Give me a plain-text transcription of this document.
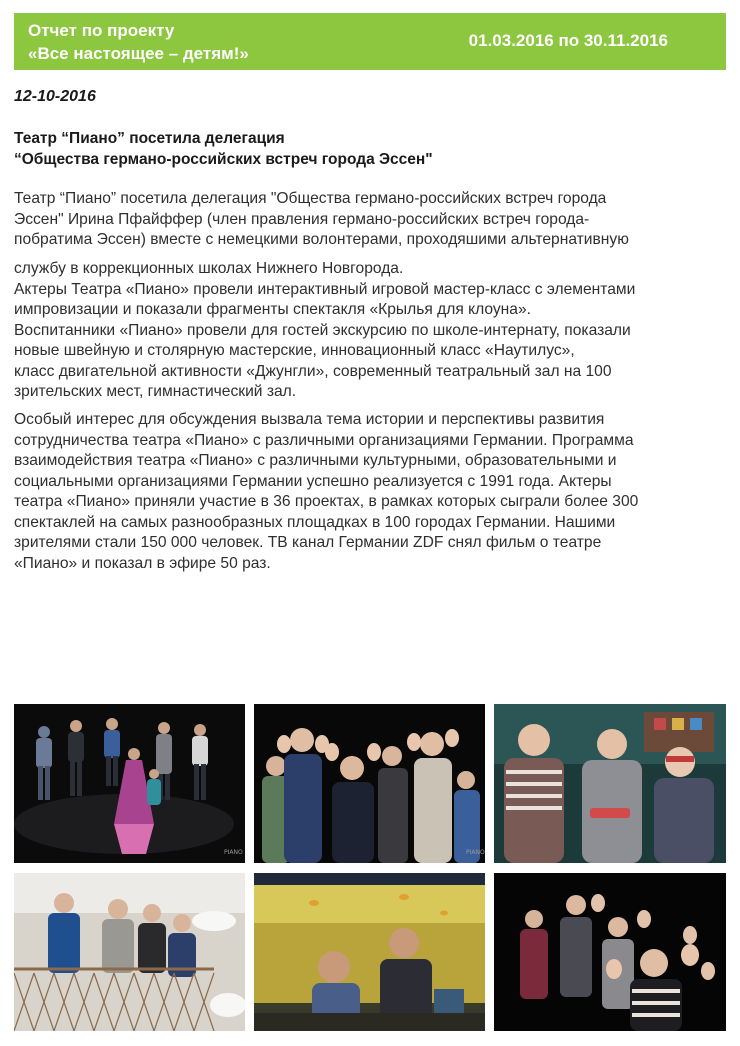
Отчет по проекту
«Все настоящее – детям!»
01.03.2016 по 30.11.2016
12-10-2016
Театр “Пиано” посетила делегация
“Общества германо-российских встреч города Эссен"
Театр “Пиано” посетила делегация "Общества германо-российских встреч города
Эссен" Ирина Пфайффер (член правления германо-российских встреч города-
побратима Эссен) вместе с немецкими волонтерами, проходяшими альтернативную
службу в коррекционных школах Нижнего Новгорода.
Актеры Театра «Пиано» провели интерактивный игровой мастер-класс с элементами
импровизации и показали фрагменты спектакля «Крылья для клоуна».
Воспитанники «Пиано» провели для гостей экскурсию по школе-интернату, показали
новые швейную и столярную мастерские, инновационный класс «Наутилус»,
класс двигательной активности «Джунгли», современный театральный зал на 100
зрительских мест, гимнастический зал.
Особый интерес для обсуждения вызвала тема истории и перспективы развития
сотрудничества театра «Пиано» с различными организациями Германии. Программа
взаимодействия театра «Пиано» с различными культурными, образовательными и
социальными организациями Германии успешно реализуется с 1991 года. Актеры
театра «Пиано» приняли участие в 36 проектах, в рамках которых сыграли более 300
спектаклей на самых разнообразных площадках в 100 городах Германии. Нашими
зрителями стали 150 000 человек. ТВ канал Германии ZDF снял фильм о театре
«Пиано» и показал в эфире 50 раз.
PIANO	PIANO
